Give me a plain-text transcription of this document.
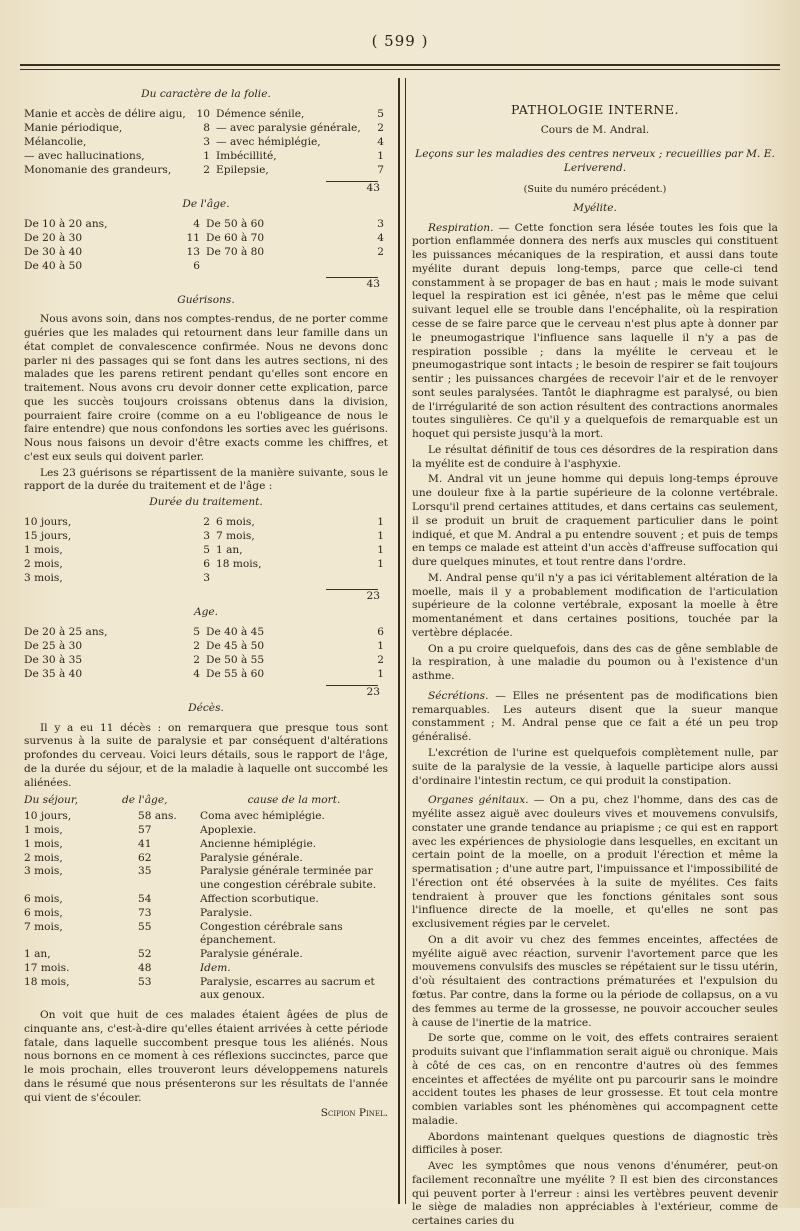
( 599 )
Du caractère de la folie.
Manie et accès de délire aigu,	10 Démence sénile,	5
Manie périodique,	8 — avec paralysie générale,	2
Mélancolie,	3 — avec hémiplégie,	4
— avec hallucinations,	1 Imbécillité,	1
Monomanie des grandeurs,	2 Epilepsie,	7
43
De l'âge.
De 10 à 20 ans,	4 De 50 à 60	3
De 20 à 30	11 De 60 à 70	4
De 30 à 40	13 De 70 à 80	2
De 40 à 50	6
43
Guérisons.

Nous avons soin, dans nos comptes-rendus, de ne porter comme guéries que les malades qui retournent dans leur famille dans un état complet de convalescence confirmée. Nous ne devons donc parler ni des passages qui se font dans les autres sections, ni des malades que les parens retirent pendant qu'elles sont encore en traitement. Nous avons cru devoir donner cette explication, parce que les succès toujours croissans obtenus dans la division, pourraient faire croire (comme on a eu l'obligeance de nous le faire entendre) que nous confondons les sorties avec les guérisons. Nous nous faisons un devoir d'être exacts comme les chiffres, et c'est eux seuls qui doivent parler.

Les 23 guérisons se répartissent de la manière suivante, sous le rapport de la durée du traitement et de l'âge :

Durée du traitement.
10 jours,	2 6 mois,	1
15 jours,	3 7 mois,	1
1 mois,	5 1 an,	1
2 mois,	6 18 mois,	1
3 mois,	3
23
Age.
De 20 à 25 ans,	5 De 40 à 45	6
De 25 à 30	2 De 45 à 50	1
De 30 à 35	2 De 50 à 55	2
De 35 à 40	4 De 55 à 60	1
23
Décès.

Il y a eu 11 décès : on remarquera que presque tous sont survenus à la suite de paralysie et par conséquent d'altérations profondes du cerveau. Voici leurs détails, sous le rapport de l'âge, de la durée du séjour, et de la maladie à laquelle ont succombé les aliénées.

Du séjour,	de l'âge,	cause de la mort.
10 jours,	58 ans.	Coma avec hémiplégie.
1 mois,	57	Apoplexie.
1 mois,	41	Ancienne hémiplégie.
2 mois,	62	Paralysie générale.
3 mois,	35	Paralysie générale terminée par une congestion cérébrale subite.
6 mois,	54	Affection scorbutique.
6 mois,	73	Paralysie.
7 mois,	55	Congestion cérébrale sans épanchement.
1 an,	52	Paralysie générale.
17 mois.	48	Idem.
18 mois,	53	Paralysie, escarres au sacrum et aux genoux.

On voit que huit de ces malades étaient âgées de plus de cinquante ans, c'est-à-dire qu'elles étaient arrivées à cette période fatale, dans laquelle succombent presque tous les aliénés. Nous nous bornons en ce moment à ces réflexions succinctes, parce que le mois prochain, elles trouveront leurs développemens naturels dans le résumé que nous présenterons sur les résultats de l'année qui vient de s'écouler.

Scipion Pinel.
PATHOLOGIE INTERNE.
Cours de M. Andral.
Leçons sur les maladies des centres nerveux ; recueillies par M. E. Leriverend.
(Suite du numéro précédent.)
Myélite.

Respiration. — Cette fonction sera lésée toutes les fois que la portion enflammée donnera des nerfs aux muscles qui constituent les puissances mécaniques de la respiration, et aussi dans toute myélite durant depuis long-temps, parce que celle-ci tend constamment à se propager de bas en haut ; mais le mode suivant lequel la respiration est ici gênée, n'est pas le même que celui suivant lequel elle se trouble dans l'encéphalite, où la respiration cesse de se faire parce que le cerveau n'est plus apte à donner par le pneumogastrique l'influence sans laquelle il n'y a pas de respiration possible ; dans la myélite le cerveau et le pneumogastrique sont intacts ; le besoin de respirer se fait toujours sentir ; les puissances chargées de recevoir l'air et de le renvoyer sont seules paralysées. Tantôt le diaphragme est paralysé, ou bien de l'irrégularité de son action résultent des contractions anormales toutes singulières. Ce qu'il y a quelquefois de remarquable est un hoquet qui persiste jusqu'à la mort.

Le résultat définitif de tous ces désordres de la respiration dans la myélite est de conduire à l'asphyxie.

M. Andral vit un jeune homme qui depuis long-temps éprouve une douleur fixe à la partie supérieure de la colonne vertébrale. Lorsqu'il prend certaines attitudes, et dans certains cas seulement, il se produit un bruit de craquement particulier dans le point indiqué, et que M. Andral a pu entendre souvent ; et puis de temps en temps ce malade est atteint d'un accès d'affreuse suffocation qui dure quelques minutes, et tout rentre dans l'ordre.

M. Andral pense qu'il n'y a pas ici véritablement altération de la moelle, mais il y a probablement modification de l'articulation supérieure de la colonne vertébrale, exposant la moelle à être momentanément et dans certaines positions, touchée par la vertèbre déplacée.

On a pu croire quelquefois, dans des cas de gêne semblable de la respiration, à une maladie du poumon ou à l'existence d'un asthme.

Sécrétions. — Elles ne présentent pas de modifications bien remarquables. Les auteurs disent que la sueur manque constamment ; M. Andral pense que ce fait a été un peu trop généralisé.

L'excrétion de l'urine est quelquefois complètement nulle, par suite de la paralysie de la vessie, à laquelle participe alors aussi d'ordinaire l'intestin rectum, ce qui produit la constipation.

Organes génitaux. — On a pu, chez l'homme, dans des cas de myélite assez aiguë avec douleurs vives et mouvemens convulsifs, constater une grande tendance au priapisme ; ce qui est en rapport avec les expériences de physiologie dans lesquelles, en excitant un certain point de la moelle, on a produit l'érection et même la spermatisation ; d'une autre part, l'impuissance et l'impossibilité de l'érection ont été observées à la suite de myélites. Ces faits tendraient à prouver que les fonctions génitales sont sous l'influence directe de la moelle, et qu'elles ne sont pas exclusivement régies par le cervelet.

On a dit avoir vu chez des femmes enceintes, affectées de myélite aiguë avec réaction, survenir l'avortement parce que les mouvemens convulsifs des muscles se répétaient sur le tissu utérin, d'où résultaient des contractions prématurées et l'expulsion du fœtus. Par contre, dans la forme ou la période de collapsus, on a vu des femmes au terme de la grossesse, ne pouvoir accoucher seules à cause de l'inertie de la matrice.

De sorte que, comme on le voit, des effets contraires seraient produits suivant que l'inflammation serait aiguë ou chronique. Mais à côté de ces cas, on en rencontre d'autres où des femmes enceintes et affectées de myélite ont pu parcourir sans le moindre accident toutes les phases de leur grossesse. Et tout cela montre combien variables sont les phénomènes qui accompagnent cette maladie.

Abordons maintenant quelques questions de diagnostic très difficiles à poser.

Avec les symptômes que nous venons d'énumérer, peut-on facilement reconnaître une myélite ? Il est bien des circonstances qui peuvent porter à l'erreur : ainsi les vertèbres peuvent devenir le siège de maladies non appréciables à l'extérieur, comme de certaines caries du
